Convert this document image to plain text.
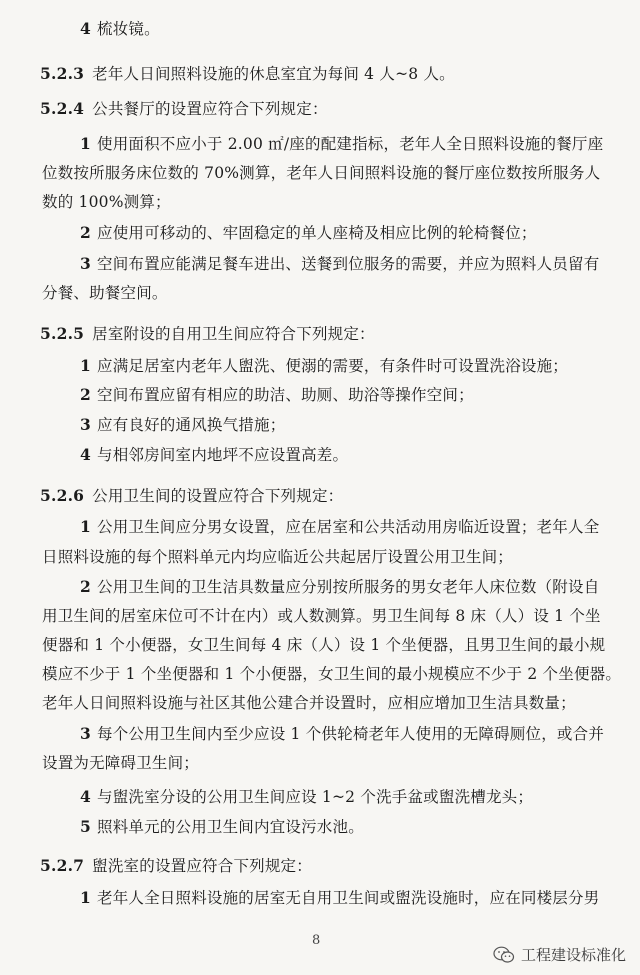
4 梳妆镜。
5.2.3 老年人日间照料设施的休息室宜为每间 4 人~8 人。
5.2.4 公共餐厅的设置应符合下列规定：
1 使用面积不应小于 2.00 ㎡/座的配建指标，老年人全日照料设施的餐厅座
位数按所服务床位数的 70%测算，老年人日间照料设施的餐厅座位数按所服务人
数的 100%测算；
2 应使用可移动的、牢固稳定的单人座椅及相应比例的轮椅餐位；
3 空间布置应能满足餐车进出、送餐到位服务的需要，并应为照料人员留有
分餐、助餐空间。
5.2.5 居室附设的自用卫生间应符合下列规定：
1 应满足居室内老年人盥洗、便溺的需要，有条件时可设置洗浴设施；
2 空间布置应留有相应的助洁、助厕、助浴等操作空间；
3 应有良好的通风换气措施；
4 与相邻房间室内地坪不应设置高差。
5.2.6 公用卫生间的设置应符合下列规定：
1 公用卫生间应分男女设置，应在居室和公共活动用房临近设置；老年人全
日照料设施的每个照料单元内均应临近公共起居厅设置公用卫生间；
2 公用卫生间的卫生洁具数量应分别按所服务的男女老年人床位数（附设自
用卫生间的居室床位可不计在内）或人数测算。男卫生间每 8 床（人）设 1 个坐
便器和 1 个小便器，女卫生间每 4 床（人）设 1 个坐便器，且男卫生间的最小规
模应不少于 1 个坐便器和 1 个小便器，女卫生间的最小规模应不少于 2 个坐便器。
老年人日间照料设施与社区其他公建合并设置时，应相应增加卫生洁具数量；
3 每个公用卫生间内至少应设 1 个供轮椅老年人使用的无障碍厕位，或合并
设置为无障碍卫生间；
4 与盥洗室分设的公用卫生间应设 1~2 个洗手盆或盥洗槽龙头；
5 照料单元的公用卫生间内宜设污水池。
5.2.7 盥洗室的设置应符合下列规定：
1 老年人全日照料设施的居室无自用卫生间或盥洗设施时，应在同楼层分男
8
工程建设标准化
